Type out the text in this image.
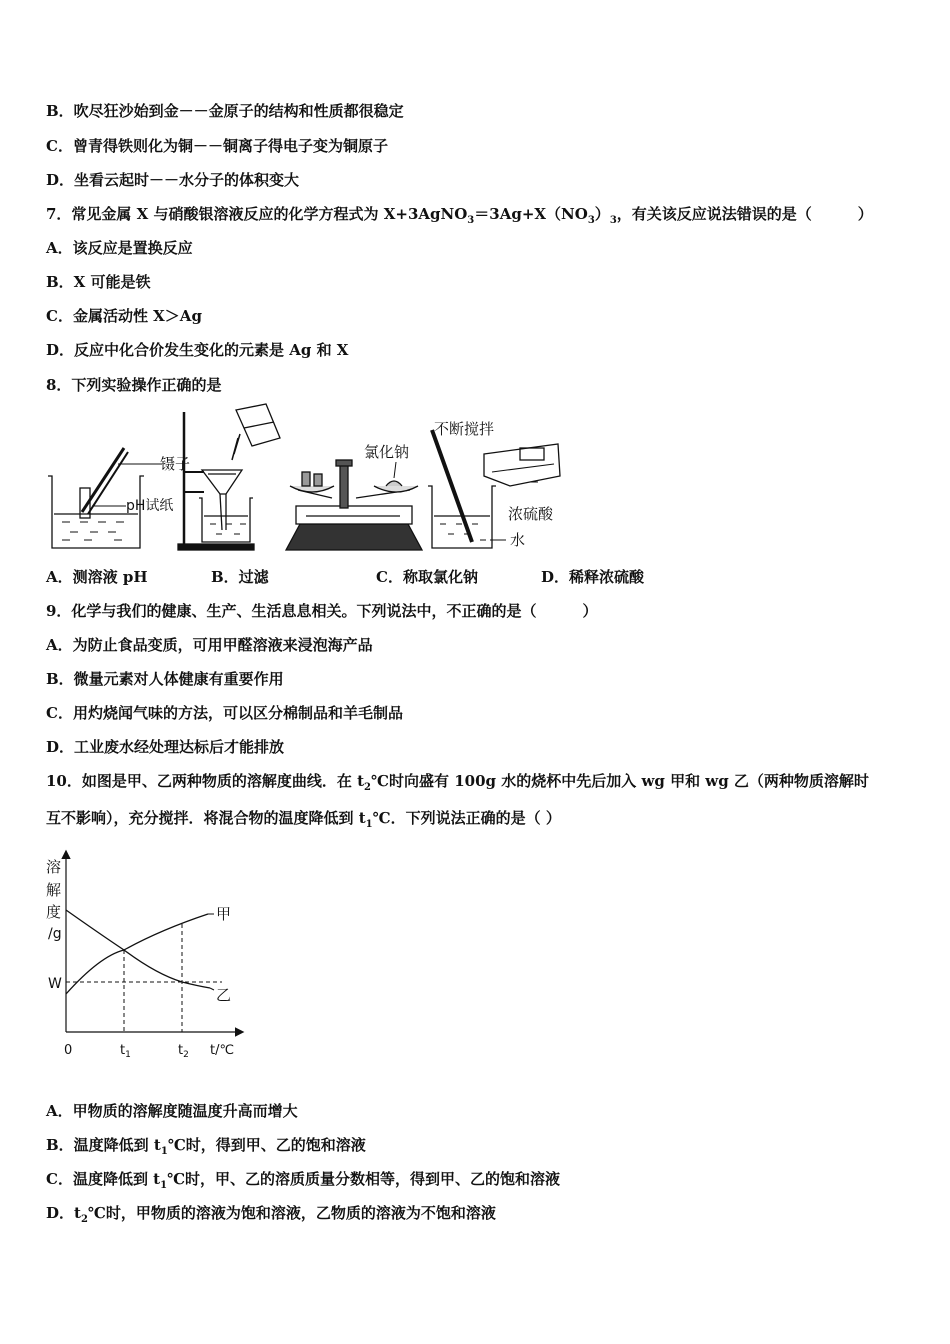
B．吹尽狂沙始到金－－金原子的结构和性质都很稳定
C．曾青得铁则化为铜－－铜离子得电子变为铜原子
D．坐看云起时－－水分子的体积变大
7．常见金属 X 与硝酸银溶液反应的化学方程式为 $X+3AgNO_3=3Ag+X(NO_3)_3$，有关该反应说法错误的是（	）
A．该反应是置换反应
B．X 可能是铁
C．金属活动性 X＞Ag
D．反应中化合价发生变化的元素是 Ag 和 X
8．下列实验操作正确的是
镊子
pH试纸
氯化钠
不断搅拌
浓硫酸
水
A．测溶液 pH	B．过滤	C．称取氯化钠	D．稀释浓硫酸
9．化学与我们的健康、生产、生活息息相关。下列说法中，不正确的是（	）
A．为防止食品变质，可用甲醛溶液来浸泡海产品
B．微量元素对人体健康有重要作用
C．用灼烧闻气味的方法，可以区分棉制品和羊毛制品
D．工业废水经处理达标后才能排放
10．如图是甲、乙两种物质的溶解度曲线．在 $t_2℃$时向盛有 100g 水的烧杯中先后加入 wg 甲和 wg 乙（两种物质溶解时
互不影响），充分搅拌．将混合物的温度降低到 $t_1℃$．下列说法正确的是（ ）
溶
解
度
/g
W
甲
乙
0	$t_1$	$t_2$ t/℃
A．甲物质的溶解度随温度升高而增大
B．温度降低到 $t_1℃$时，得到甲、乙的饱和溶液
C．温度降低到 $t_1℃$时，甲、乙的溶质质量分数相等，得到甲、乙的饱和溶液
D．$t_2℃$时，甲物质的溶液为饱和溶液，乙物质的溶液为不饱和溶液
